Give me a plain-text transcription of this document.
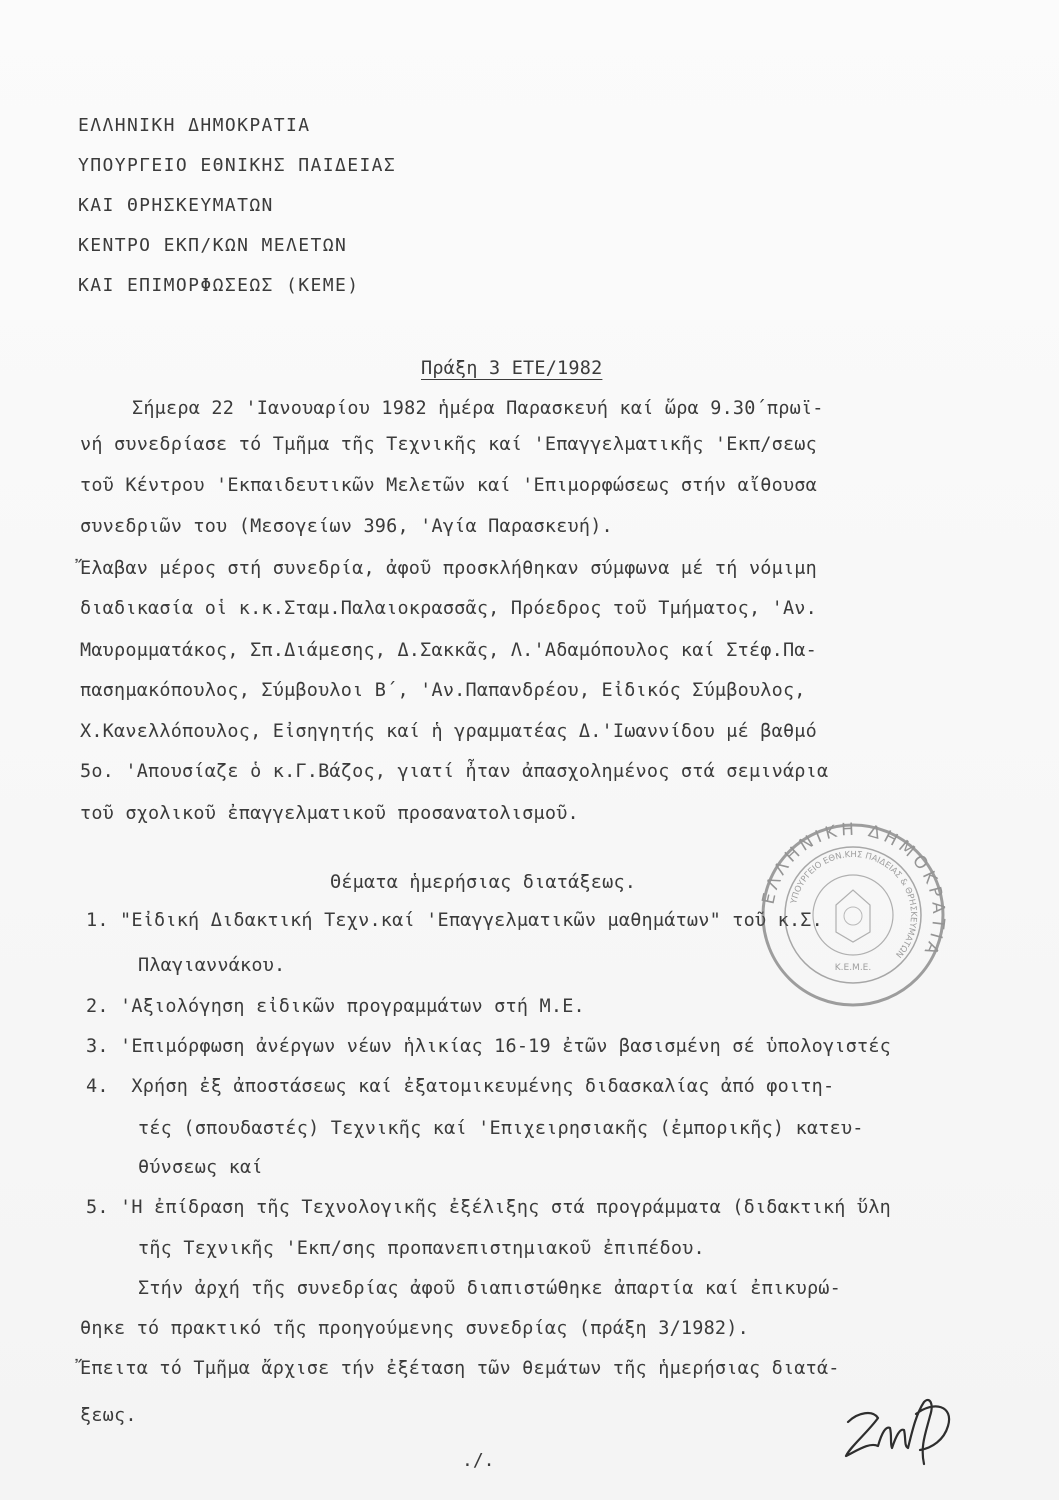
ΕΛΛΗΝΙΚΗ ΔΗΜΟΚΡΑΤΙΑ
ΥΠΟΥΡΓΕΙΟ ΕΘΝΙΚΗΣ ΠΑΙΔΕΙΑΣ
ΚΑΙ ΘΡΗΣΚΕΥΜΑΤΩΝ
ΚΕΝΤΡΟ ΕΚΠ/ΚΩΝ ΜΕΛΕΤΩΝ
ΚΑΙ ΕΠΙΜΟΡΦΩΣΕΩΣ (ΚΕΜΕ)
Πράξη 3 ΕΤΕ/1982
Σήμερα 22 'Ιανουαρίου 1982 ἡμέρα Παρασκευή καί ὥρα 9.30΄πρωϊ-
νή συνεδρίασε τό Τμῆμα τῆς Τεχνικῆς καί 'Επαγγελματικῆς 'Εκπ/σεως
τοῦ Κέντρου 'Εκπαιδευτικῶν Μελετῶν καί 'Επιμορφώσεως στήν αἴθουσα
συνεδριῶν του (Μεσογείων 396, 'Αγία Παρασκευή).
Ἔλαβαν μέρος στή συνεδρία, ἀφοῦ προσκλήθηκαν σύμφωνα μέ τή νόμιμη
διαδικασία οἱ κ.κ.Σταμ.Παλαιοκρασσᾶς, Πρόεδρος τοῦ Τμήματος, 'Αν.
Μαυρομματάκος, Σπ.Διάμεσης, Δ.Σακκᾶς, Λ.'Αδαμόπουλος καί Στέφ.Πα-
πασημακόπουλος, Σύμβουλοι Β΄, 'Αν.Παπανδρέου, Εἰδικός Σύμβουλος,
Χ.Κανελλόπουλος, Εἰσηγητής καί ἡ γραμματέας Δ.'Ιωαννίδου μέ βαθμό
5ο. 'Απουσίαζε ὁ κ.Γ.Βάζος, γιατί ἦταν ἀπασχολημένος στά σεμινάρια
τοῦ σχολικοῦ ἐπαγγελματικοῦ προσανατολισμοῦ.
Θέματα ἡμερήσιας διατάξεως.
1. "Εἰδική Διδακτική Τεχν.καί 'Επαγγελματικῶν μαθημάτων" τοῦ κ.Σ.
Πλαγιαννάκου.
2. 'Αξιολόγηση εἰδικῶν προγραμμάτων στή Μ.Ε.
3. 'Επιμόρφωση ἀνέργων νέων ἡλικίας 16-19 ἐτῶν βασισμένη σέ ὑπολογιστές
4.  Χρήση ἐξ ἀποστάσεως καί ἐξατομικευμένης διδασκαλίας ἀπό φοιτη-
τές (σπουδαστές) Τεχνικῆς καί 'Επιχειρησιακῆς (ἐμπορικῆς) κατευ-
θύνσεως καί
5. 'Η ἐπίδραση τῆς Τεχνολογικῆς ἐξέλιξης στά προγράμματα (διδακτική ὕλη
τῆς Τεχνικῆς 'Εκπ/σης προπανεπιστημιακοῦ ἐπιπέδου.
Στήν ἀρχή τῆς συνεδρίας ἀφοῦ διαπιστώθηκε ἀπαρτία καί ἐπικυρώ-
θηκε τό πρακτικό τῆς προηγούμενης συνεδρίας (πράξη 3/1982).
Ἔπειτα τό Τμῆμα ἄρχισε τήν ἐξέταση τῶν θεμάτων τῆς ἡμερήσιας διατά-
ξεως.
ΕΛΛΗΝΙΚΗ ΔΗΜΟΚΡΑΤΙΑ
ΥΠΟΥΡΓΕΙΟ ΕΘΝ.ΚΗΣ ΠΑΙΔΕΙΑΣ & ΘΡΗΣΚΕΥΜΑΤΩΝ
Κ.Ε.Μ.Ε.
./.
